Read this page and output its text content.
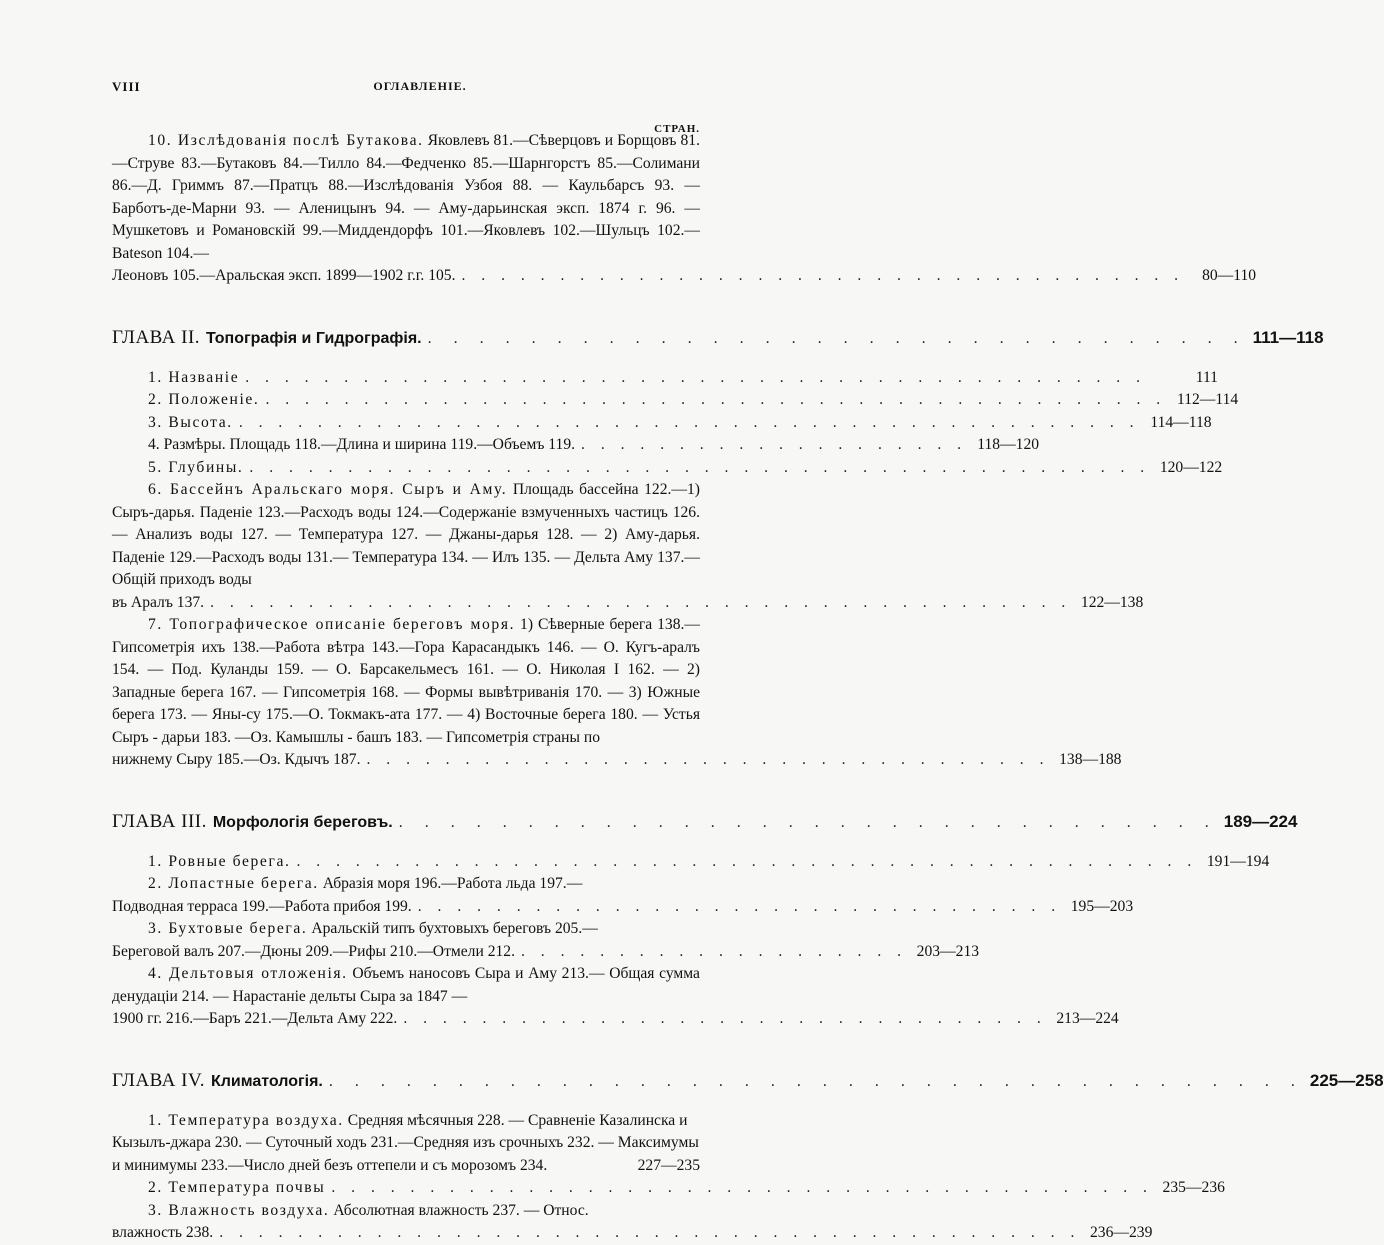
VIII	ОГЛАВЛЕНІЕ.
СТРАН.
10. Изслѣдованія послѣ Бутакова. Яковлевъ 81.—Сѣверцовъ и Борщовъ 81.—Струве 83.—Бутаковъ 84.—Тилло 84.—Федченко 85.—Шарнгорстъ 85.—Солимани 86.—Д. Гриммъ 87.—Пратцъ 88.—Изслѣдованія Узбоя 88. — Каульбарсъ 93. — Барботъ-де-Марни 93. — Аленицынъ 94. — Аму-дарьинская эксп. 1874 г. 96. — Мушкетовъ и Романовскій 99.—Миддендорфъ 101.—Яковлевъ 102.—Шульцъ 102.—Bateson 104.—
Леоновъ 105.—Аральская эксп. 1899—1902 г.г. 105. . . . . . . . . . . . . . . . . . . . . . . . . . . . . . . . . . . . . .	80—110
ГЛАВА II. Топографія и Гидрографія. . . . . . . . . . . . . . . . . . . . . . . . . . . . . . . . . 111—118
1. Названіе . . . . . . . . . . . . . . . . . . . . . . . . . . . . . . . . . . . . . . . . . . . . . .	111
2. Положеніе. . . . . . . . . . . . . . . . . . . . . . . . . . . . . . . . . . . . . . . . . . . . . . . 112—114
3. Высота. . . . . . . . . . . . . . . . . . . . . . . . . . . . . . . . . . . . . . . . . . . . . . . 114—118
4. Размѣры. Площадь 118.—Длина и ширина 119.—Объемъ 119. . . . . . . . . . . . . . . . . . . . . 118—120
5. Глубины. . . . . . . . . . . . . . . . . . . . . . . . . . . . . . . . . . . . . . . . . . . . . . . 120—122
6. Бассейнъ Аральскаго моря. Сыръ и Аму. Площадь бассейна 122.—1) Сыръ-дарья. Паденіе 123.—Расходъ воды 124.—Содержаніе взмученныхъ частицъ 126. — Анализъ воды 127. — Температура 127. — Джаны-дарья 128. — 2) Аму-дарья. Паденіе 129.—Расходъ воды 131.— Температура 134. — Илъ 135. — Дельта Аму 137.—Общій приходъ воды
въ Аралъ 137. . . . . . . . . . . . . . . . . . . . . . . . . . . . . . . . . . . . . . . . . . . . . 122—138
7. Топографическое описаніе береговъ моря. 1) Сѣверные берега 138.—Гипсометрія ихъ 138.—Работа вѣтра 143.—Гора Карасандыкъ 146. — О. Кугъ-аралъ 154. — Под. Куланды 159. — О. Барсакельмесъ 161. — О. Николая I 162. — 2) Западные берега 167. — Гипсометрія 168. — Формы вывѣтриванія 170. — 3) Южные берега 173. — Яны-су 175.—О. Токмакъ-ата 177. — 4) Восточные берега 180. — Устья Сыръ - дарьи 183. —Оз. Камышлы - башъ 183. — Гипсометрія страны по
нижнему Сыру 185.—Оз. Кдычъ 187. . . . . . . . . . . . . . . . . . . . . . . . . . . . . . . . . . . . 138—188
ГЛАВА III. Морфологія береговъ. . . . . . . . . . . . . . . . . . . . . . . . . . . . . . . . . 189—224
1. Ровные берега. . . . . . . . . . . . . . . . . . . . . . . . . . . . . . . . . . . . . . . . . . . . . . . 191—194
2. Лопастные берега. Абразія моря 196.—Работа льда 197.—
Подводная терраса 199.—Работа прибоя 199. . . . . . . . . . . . . . . . . . . . . . . . . . . . . . . . . . 195—203
3. Бухтовые берега. Аральскій типъ бухтовыхъ береговъ 205.—
Береговой валъ 207.—Дюны 209.—Рифы 210.—Отмели 212. . . . . . . . . . . . . . . . . . . . . 203—213
4. Дельтовыя отложенія. Объемъ наносовъ Сыра и Аму 213.— Общая сумма денудаціи 214. — Нарастаніе дельты Сыра за 1847 —
1900 гг. 216.—Баръ 221.—Дельта Аму 222. . . . . . . . . . . . . . . . . . . . . . . . . . . . . . . . . . 213—224
ГЛАВА IV. Климатологія. . . . . . . . . . . . . . . . . . . . . . . . . . . . . . . . . . . . . . . 225—258
1. Температура воздуха. Средняя мѣсячныя 228. — Сравненіе Казалинска и Кызылъ-джара 230. — Суточный ходъ 231.—Средняя изъ срочныхъ 232. — Максимумы и минимумы 233.—Число дней безъ оттепели и съ морозомъ 234.	227—235
2. Температура почвы . . . . . . . . . . . . . . . . . . . . . . . . . . . . . . . . . . . . . . . . . . 235—236
3. Влажность воздуха. Абсолютная влажность 237. — Относ.
влажность 238. . . . . . . . . . . . . . . . . . . . . . . . . . . . . . . . . . . . . . . . . . . . . 236—239
